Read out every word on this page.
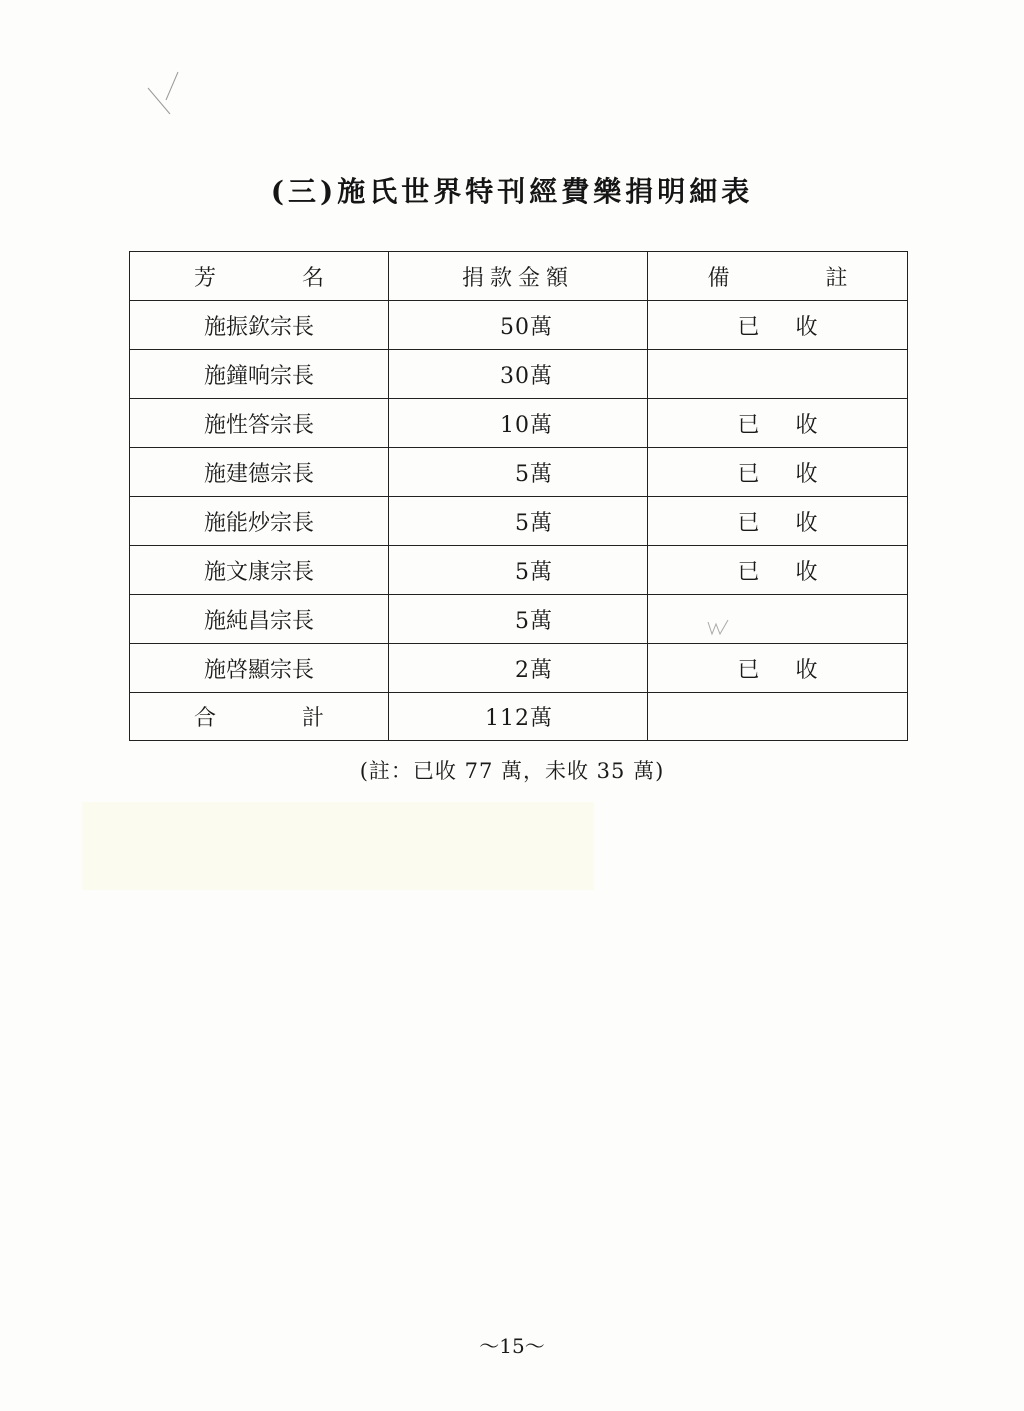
(三)施氏世界特刊經費樂捐明細表
芳　名	捐款金額	備　註
施振欽宗長	50萬	已收
施鐘响宗長	30萬	
施性答宗長	10萬	已收
施建德宗長	5萬	已收
施能炒宗長	5萬	已收
施文康宗長	5萬	已收
施純昌宗長	5萬	
施啓顯宗長	2萬	已收
合計	112萬	
(註：已收 77 萬，未收 35 萬)
～15～
